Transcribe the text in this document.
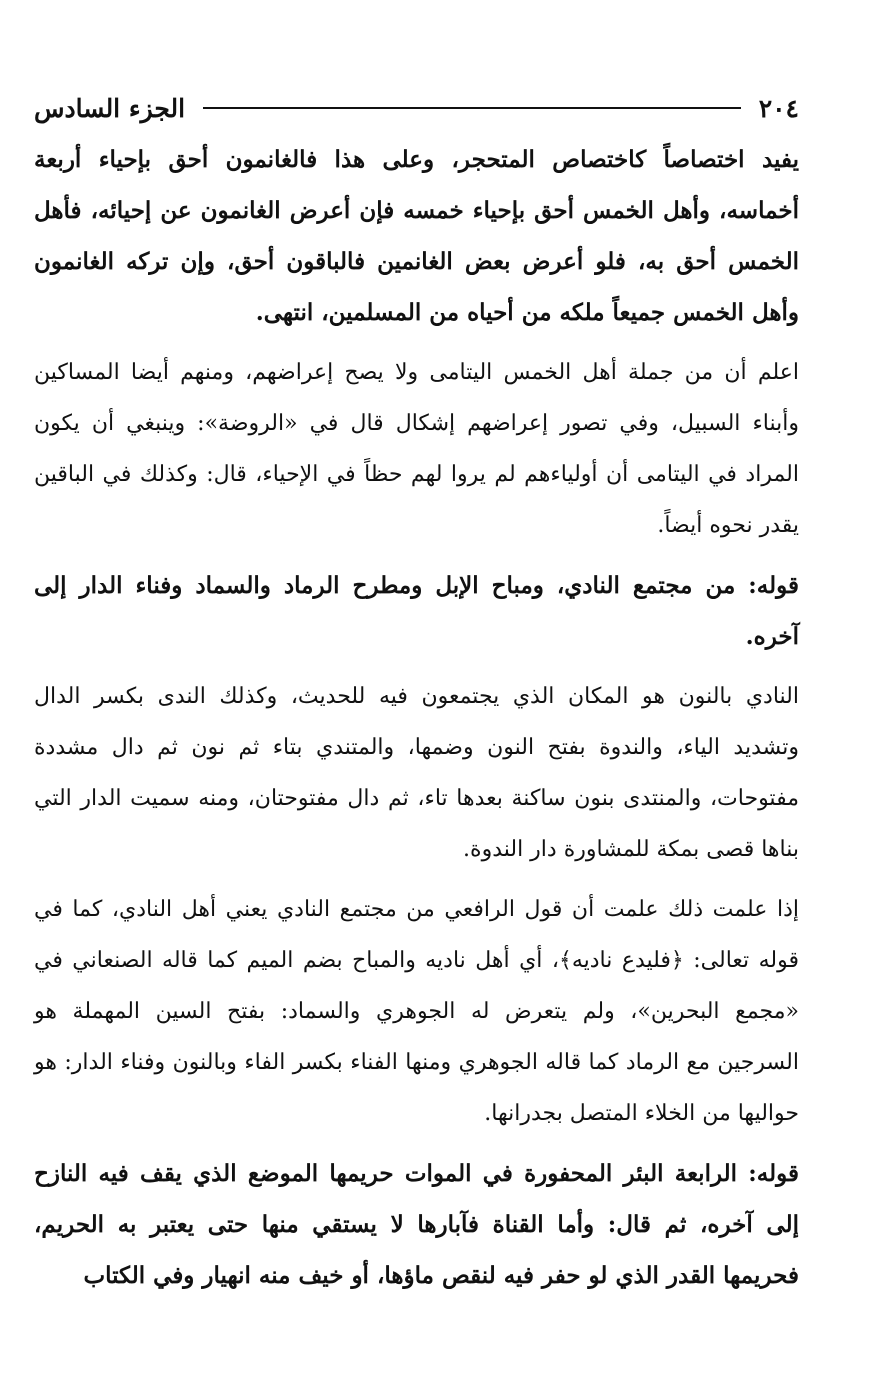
٢٠٤
الجزء السادس

يفيد اختصاصاً كاختصاص المتحجر، وعلى هذا فالغانمون أحق بإحياء أربعة أخماسه، وأهل الخمس أحق بإحياء خمسه فإن أعرض الغانمون عن إحيائه، فأهل الخمس أحق به، فلو أعرض بعض الغانمين فالباقون أحق، وإن تركه الغانمون وأهل الخمس جميعاً ملكه من أحياه من المسلمين، انتهى.

اعلم أن من جملة أهل الخمس اليتامى ولا يصح إعراضهم، ومنهم أيضا المساكين وأبناء السبيل، وفي تصور إعراضهم إشكال قال في «الروضة»: وينبغي أن يكون المراد في اليتامى أن أولياءهم لم يروا لهم حظاً في الإحياء، قال: وكذلك في الباقين يقدر نحوه أيضاً.

قوله: من مجتمع النادي، ومباح الإبل ومطرح الرماد والسماد وفناء الدار إلى آخره.

النادي بالنون هو المكان الذي يجتمعون فيه للحديث، وكذلك الندى بكسر الدال وتشديد الياء، والندوة بفتح النون وضمها، والمتندي بتاء ثم نون ثم دال مشددة مفتوحات، والمنتدى بنون ساكنة بعدها تاء، ثم دال مفتوحتان، ومنه سميت الدار التي بناها قصى بمكة للمشاورة دار الندوة.

إذا علمت ذلك علمت أن قول الرافعي من مجتمع النادي يعني أهل النادي، كما في قوله تعالى: ﴿فليدع ناديه﴾، أي أهل ناديه والمباح بضم الميم كما قاله الصنعاني في «مجمع البحرين»، ولم يتعرض له الجوهري والسماد: بفتح السين المهملة هو السرجين مع الرماد كما قاله الجوهري ومنها الفناء بكسر الفاء وبالنون وفناء الدار: هو حواليها من الخلاء المتصل بجدرانها.

قوله: الرابعة البئر المحفورة في الموات حريمها الموضع الذي يقف فيه النازح إلى آخره، ثم قال: وأما القناة فآبارها لا يستقي منها حتى يعتبر به الحريم، فحريمها القدر الذي لو حفر فيه لنقص ماؤها، أو خيف منه انهيار وفي الكتاب
